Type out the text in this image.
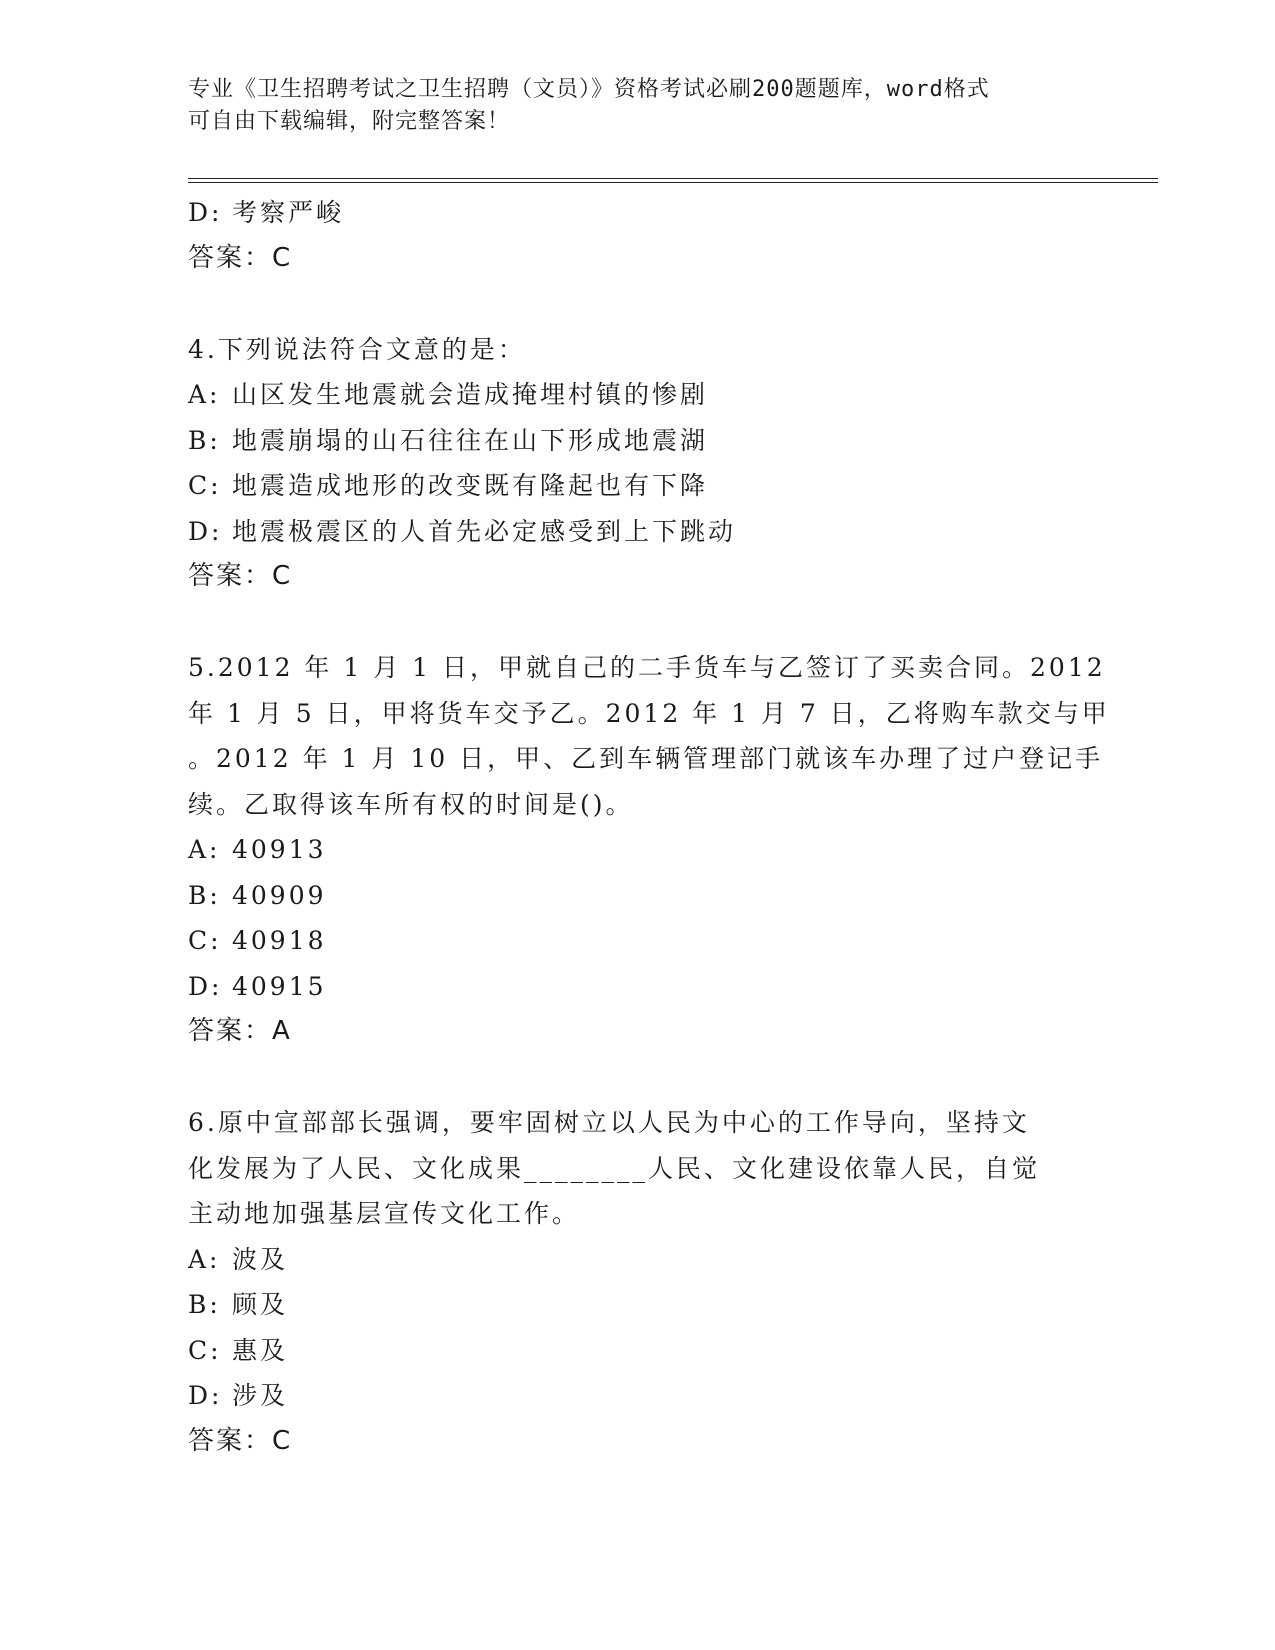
专业《卫生招聘考试之卫生招聘（文员）》资格考试必刷200题题库，word格式
可自由下载编辑，附完整答案！
D: 考察严峻
答案：C
4.下列说法符合文意的是：
A: 山区发生地震就会造成掩埋村镇的惨剧
B: 地震崩塌的山石往往在山下形成地震湖
C: 地震造成地形的改变既有隆起也有下降
D: 地震极震区的人首先必定感受到上下跳动
答案：C
5.2012 年 1 月 1 日，甲就自己的二手货车与乙签订了买卖合同。2012
年 1 月 5 日，甲将货车交予乙。2012 年 1 月 7 日，乙将购车款交与甲
。2012 年 1 月 10 日，甲、乙到车辆管理部门就该车办理了过户登记手
续。乙取得该车所有权的时间是()。
A: 40913
B: 40909
C: 40918
D: 40915
答案：A
6.原中宣部部长强调，要牢固树立以人民为中心的工作导向，坚持文
化发展为了人民、文化成果________人民、文化建设依靠人民，自觉
主动地加强基层宣传文化工作。
A: 波及
B: 顾及
C: 惠及
D: 涉及
答案：C
